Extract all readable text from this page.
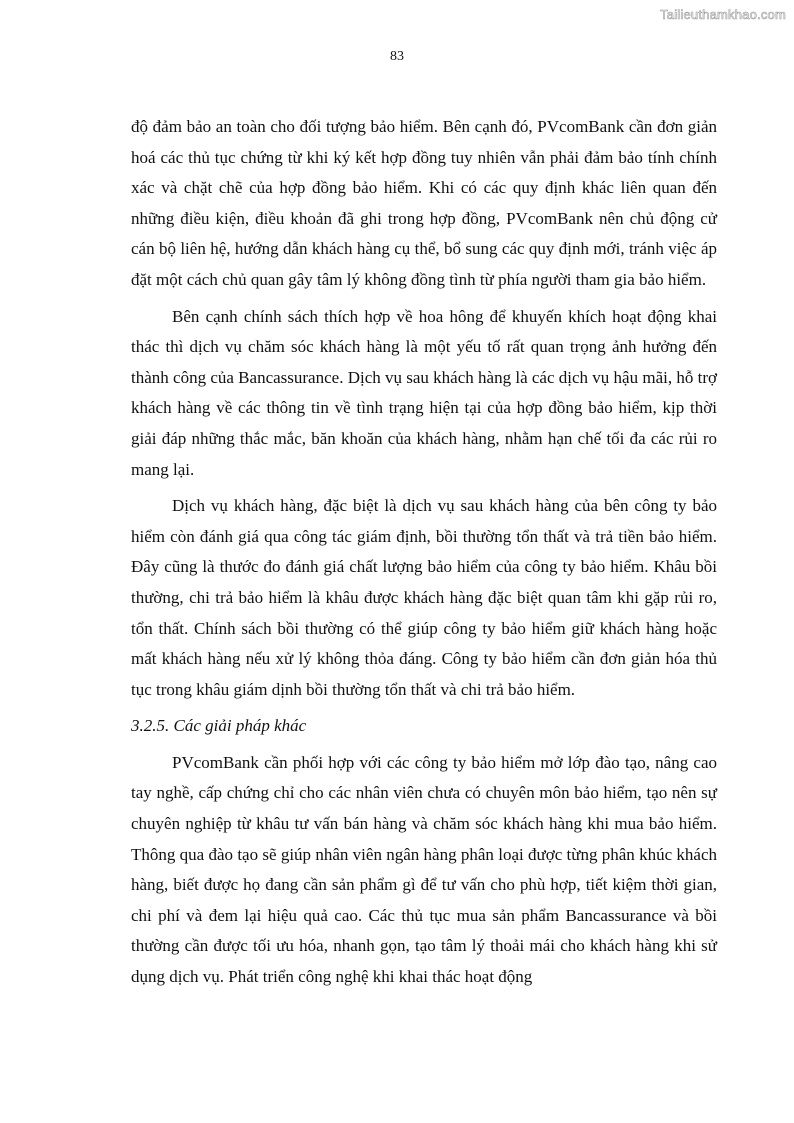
Tailieuthamkhao.com
83

độ đảm bảo an toàn cho đối tượng bảo hiểm. Bên cạnh đó, PVcomBank cần đơn giản hoá các thủ tục chứng từ khi ký kết hợp đồng tuy nhiên vẫn phải đảm bảo tính chính xác và chặt chẽ của hợp đồng bảo hiểm. Khi có các quy định khác liên quan đến những điều kiện, điều khoản đã ghi trong hợp đồng, PVcomBank nên chủ động cử cán bộ liên hệ, hướng dẫn khách hàng cụ thể, bổ sung các quy định mới, tránh việc áp đặt một cách chủ quan gây tâm lý không đồng tình từ phía người tham gia bảo hiểm.

Bên cạnh chính sách thích hợp về hoa hông để khuyến khích hoạt động khai thác thì dịch vụ chăm sóc khách hàng là một yếu tố rất quan trọng ảnh hưởng đến thành công của Bancassurance. Dịch vụ sau khách hàng là các dịch vụ hậu mãi, hỗ trợ khách hàng về các thông tin về tình trạng hiện tại của hợp đồng bảo hiểm, kịp thời giải đáp những thắc mắc, băn khoăn của khách hàng, nhằm hạn chế tối đa các rủi ro mang lại.

Dịch vụ khách hàng, đặc biệt là dịch vụ sau khách hàng của bên công ty bảo hiểm còn đánh giá qua công tác giám định, bồi thường tổn thất và trả tiền bảo hiểm. Đây cũng là thước đo đánh giá chất lượng bảo hiểm của công ty bảo hiểm. Khâu bồi thường, chi trả bảo hiểm là khâu được khách hàng đặc biệt quan tâm khi gặp rủi ro, tổn thất. Chính sách bồi thường có thể giúp công ty bảo hiểm giữ khách hàng hoặc mất khách hàng nếu xử lý không thỏa đáng. Công ty bảo hiểm cần đơn giản hóa thủ tục trong khâu giám dịnh bồi thường tổn thất và chi trả bảo hiểm.

3.2.5. Các giải pháp khác

PVcomBank cần phối hợp với các công ty bảo hiểm mở lớp đào tạo, nâng cao tay nghề, cấp chứng chỉ cho các nhân viên chưa có chuyên môn bảo hiểm, tạo nên sự chuyên nghiệp từ khâu tư vấn bán hàng và chăm sóc khách hàng khi mua bảo hiểm. Thông qua đào tạo sẽ giúp nhân viên ngân hàng phân loại được từng phân khúc khách hàng, biết được họ đang cần sản phẩm gì để tư vấn cho phù hợp, tiết kiệm thời gian, chi phí và đem lại hiệu quả cao. Các thủ tục mua sản phẩm Bancassurance và bồi thường cần được tối ưu hóa, nhanh gọn, tạo tâm lý thoải mái cho khách hàng khi sử dụng dịch vụ. Phát triển công nghệ khi khai thác hoạt động
